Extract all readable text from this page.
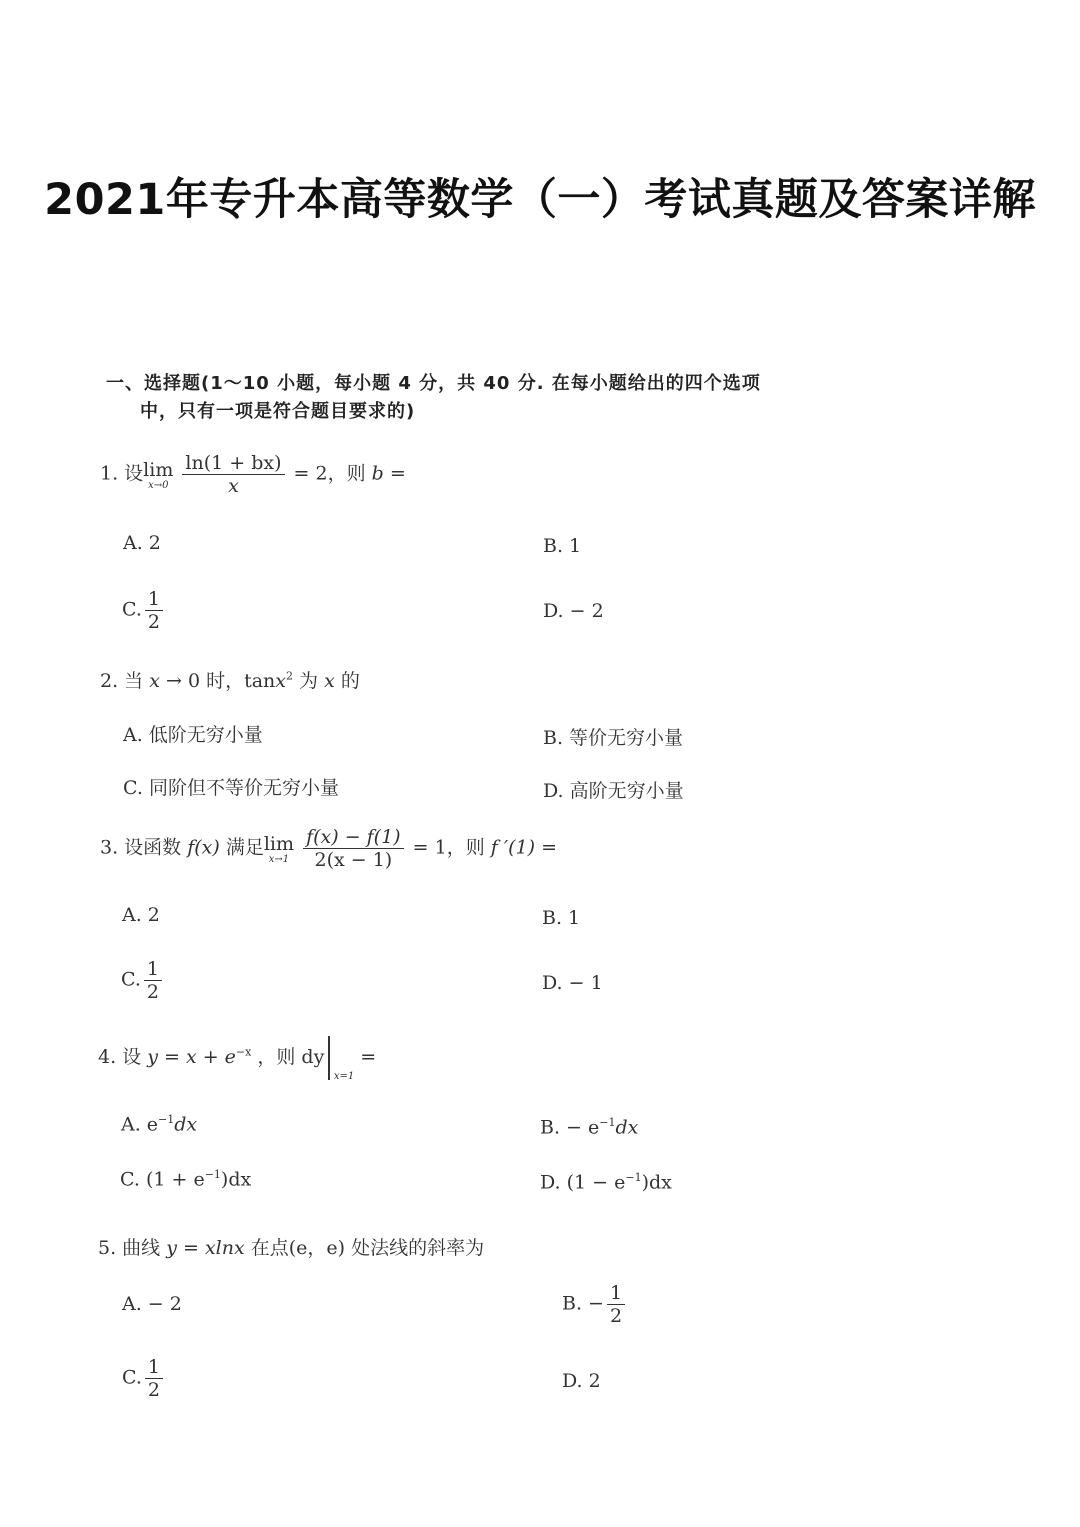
2021年专升本高等数学（一）考试真题及答案详解
一、选择题(1～10 小题，每小题 4 分，共 40 分. 在每小题给出的四个选项
中，只有一项是符合题目要求的)
1. 设 lim
x→0
$\frac{\ln(1 + bx)}{x} = 2$，则 b =
A. 2	B. 1
C. $\frac{1}{2}$	D. − 2
2. 当 x → 0 时，tanx$^2$ 为 x 的
A. 低阶无穷小量	B. 等价无穷小量
C. 同阶但不等价无穷小量	D. 高阶无穷小量
3. 设函数 f(x) 满足 lim
x→1
$\frac{f(x) - f(1)}{2(x - 1)} = 1$，则 f ′(1) =
A. 2	B. 1
C. $\frac{1}{2}$	D. − 1
4. 设 $y = x + e^{-x}$ ，则 $dy_{x=1}$ =
A. $e^{-1}dx$	B. − $e^{-1}dx$
C. $(1 + e^{-1})dx$	D. $(1 - e^{-1})dx$
5. 曲线 y = xlnx 在点(e，e) 处法线的斜率为
A. − 2	B. − $\frac{1}{2}$
C. $\frac{1}{2}$	D. 2
